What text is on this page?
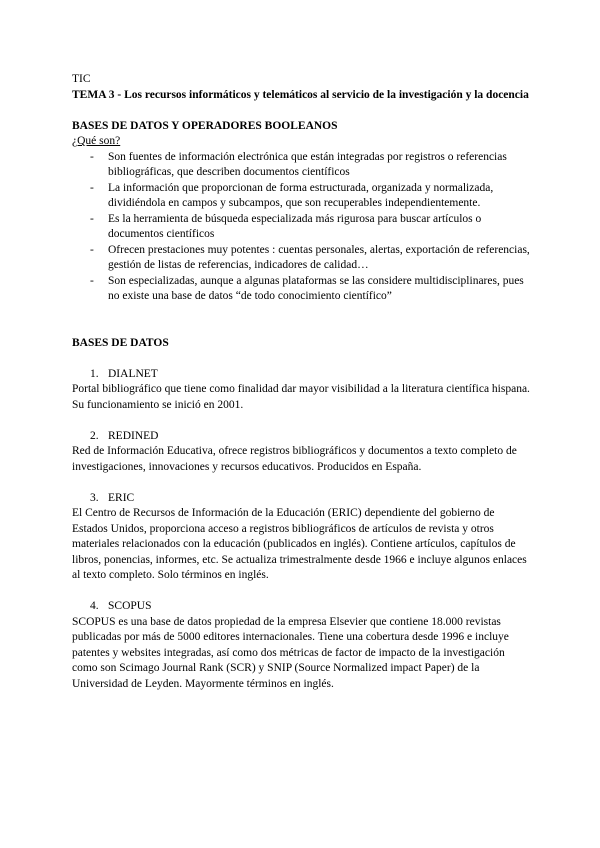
TIC

TEMA 3 - Los recursos informáticos y telemáticos al servicio de la investigación y la docencia

BASES DE DATOS Y OPERADORES BOOLEANOS

¿Qué son?

- Son fuentes de información electrónica que están integradas por registros o referencias bibliográficas, que describen documentos científicos
- La información que proporcionan de forma estructurada, organizada y normalizada, dividiéndola en campos y subcampos, que son recuperables independientemente.
- Es la herramienta de búsqueda especializada más rigurosa para buscar artículos o documentos científicos
- Ofrecen prestaciones muy potentes : cuentas personales, alertas, exportación de referencias, gestión de listas de referencias, indicadores de calidad…
- Son especializadas, aunque a algunas plataformas se las considere multidisciplinares, pues no existe una base de datos “de todo conocimiento científico”

BASES DE DATOS

1. DIALNET

Portal bibliográfico que tiene como finalidad dar mayor visibilidad a la literatura científica hispana. Su funcionamiento se inició en 2001.

2. REDINED

Red de Información Educativa, ofrece registros bibliográficos y documentos a texto completo de investigaciones, innovaciones y recursos educativos. Producidos en España.

3. ERIC

El Centro de Recursos de Información de la Educación (ERIC) dependiente del gobierno de Estados Unidos, proporciona acceso a registros bibliográficos de artículos de revista y otros materiales relacionados con la educación (publicados en inglés). Contiene artículos, capítulos de libros, ponencias, informes, etc. Se actualiza trimestralmente desde 1966 e incluye algunos enlaces al texto completo. Solo términos en inglés.

4. SCOPUS

SCOPUS es una base de datos propiedad de la empresa Elsevier que contiene 18.000 revistas publicadas por más de 5000 editores internacionales. Tiene una cobertura desde 1996 e incluye patentes y websites integradas, así como dos métricas de factor de impacto de la investigación como son Scimago Journal Rank (SCR) y SNIP (Source Normalized impact Paper) de la Universidad de Leyden. Mayormente términos en inglés.
